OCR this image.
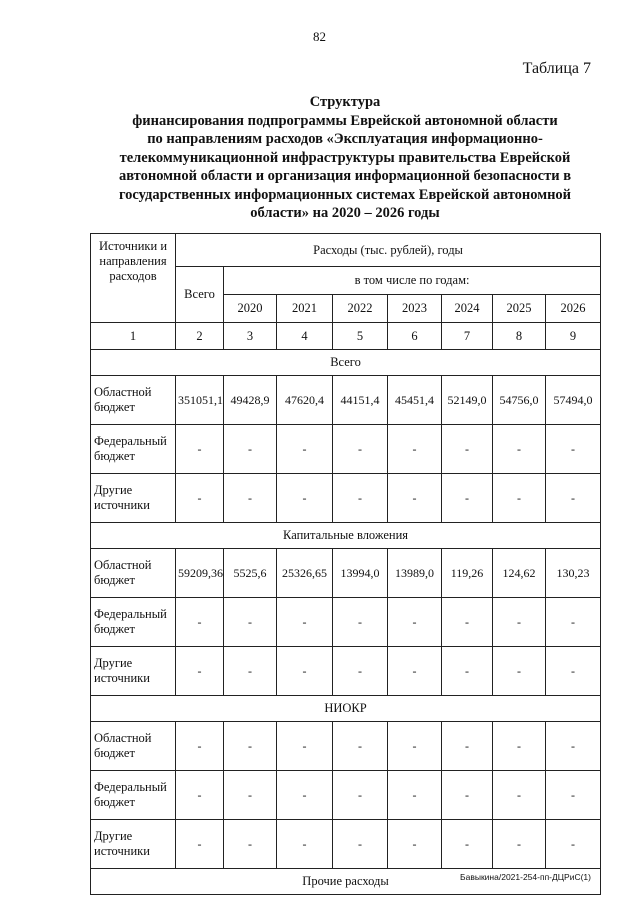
82
Таблица 7
Структура
финансирования подпрограммы Еврейской автономной области
по направлениям расходов «Эксплуатация информационно-
телекоммуникационной инфраструктуры правительства Еврейской
автономной области и организация информационной безопасности в
государственных информационных системах Еврейской автономной
области» на 2020 – 2026 годы
Источники и направления расходов	Расходы (тыс. рублей), годы							
	Всего	в том числе по годам:						
		2020	2021	2022	2023	2024	2025	2026
1	2	3	4	5	6	7	8	9
Всего								
Областной бюджет	351051,1	49428,9	47620,4	44151,4	45451,4	52149,0	54756,0	57494,0
Федеральный бюджет	-	-	-	-	-	-	-	-
Другие источники	-	-	-	-	-	-	-	-
Капитальные вложения								
Областной бюджет	59209,36	5525,6	25326,65	13994,0	13989,0	119,26	124,62	130,23
Федеральный бюджет	-	-	-	-	-	-	-	-
Другие источники	-	-	-	-	-	-	-	-
НИОКР								
Областной бюджет	-	-	-	-	-	-	-	-
Федеральный бюджет	-	-	-	-	-	-	-	-
Другие источники	-	-	-	-	-	-	-	-
Прочие расходы									Бавыкина/2021-254-пп-ДЦРиС(1)
